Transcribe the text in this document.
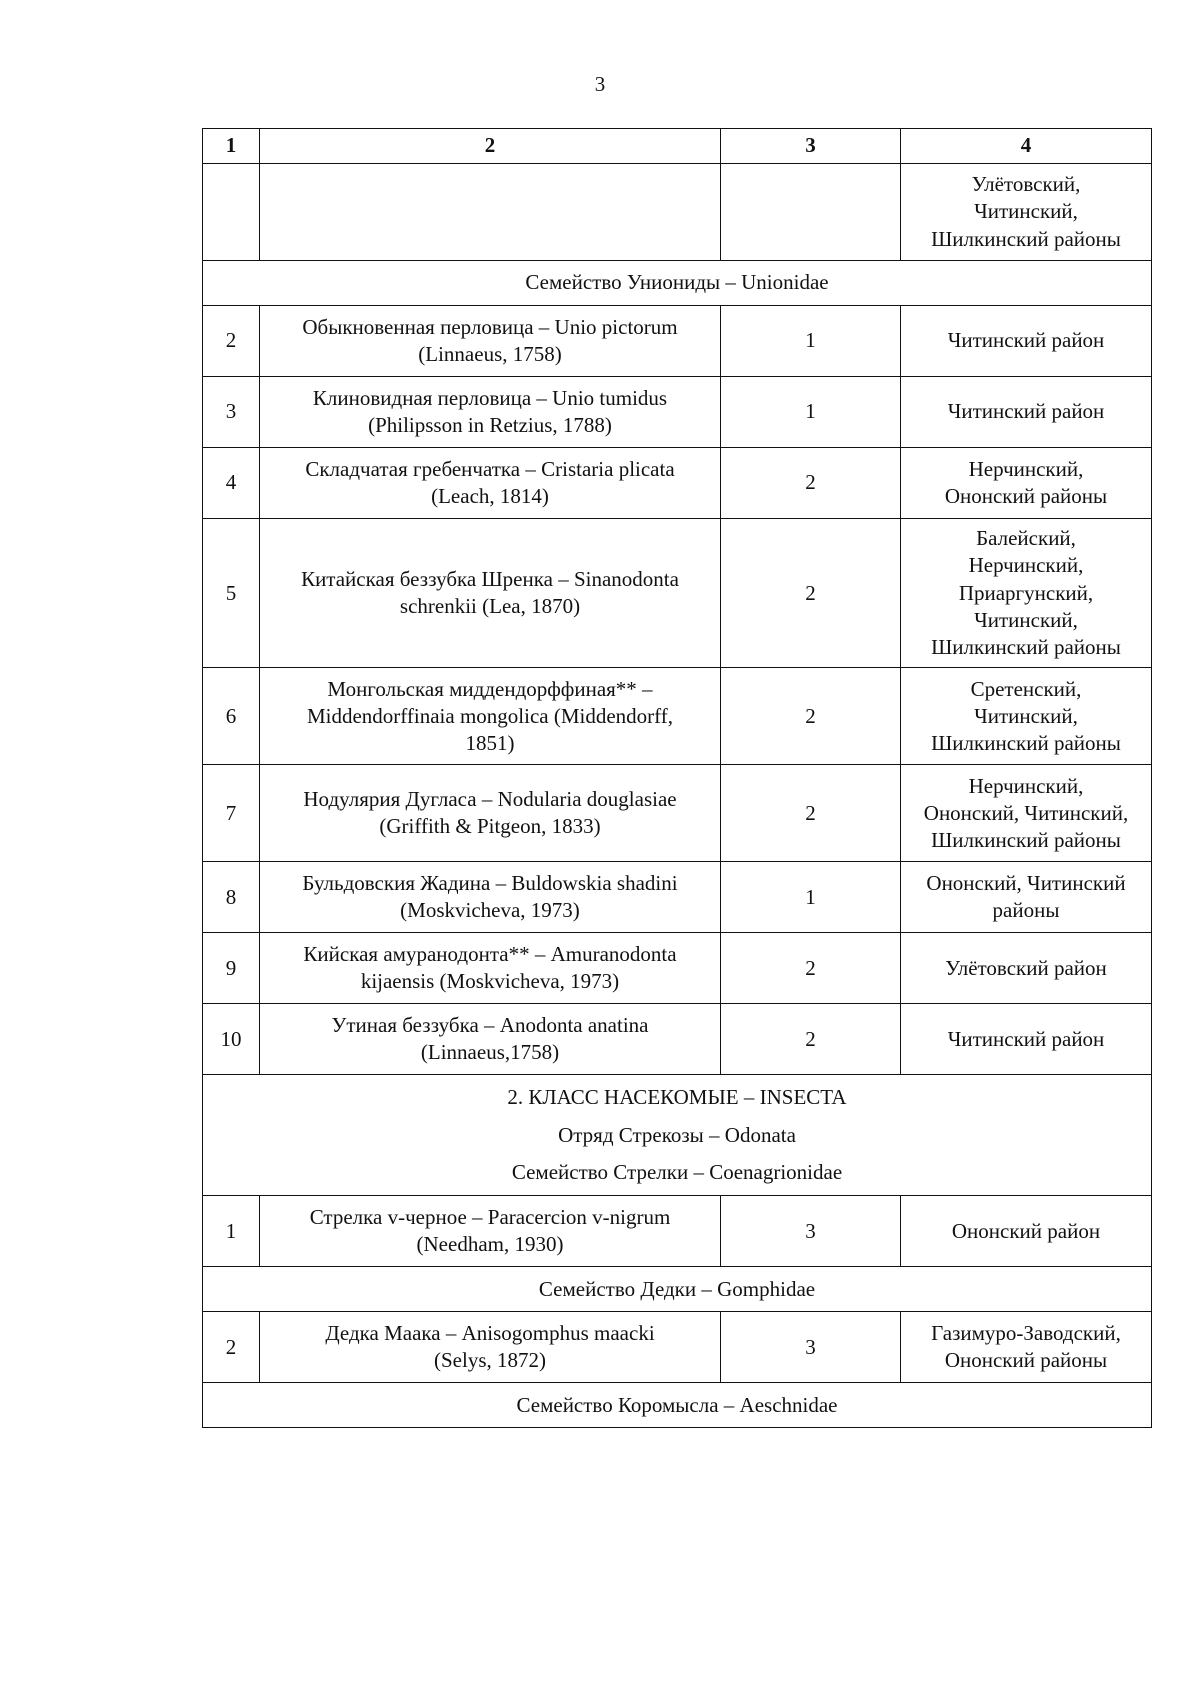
3
1	2	3	4

			Улётовский,
Читинский,
Шилкинский районы

Семейство Униониды – Unionidae			
2	Обыкновенная перловица – Unio pictorum
(Linnaeus, 1758)	1	Читинский район

3	Клиновидная перловица – Unio tumidus
(Philipsson in Retzius, 1788)	1	Читинский район

4	Складчатая гребенчатка – Cristaria plicata
(Leach, 1814)	2	Нерчинский,
Ононский районы

5	Китайская беззубка Шренка – Sinanodonta
schrenkii (Lea, 1870)	2	Балейский,
Нерчинский,
Приаргунский,
Читинский,
Шилкинский районы

6	Монгольская миддендорффиная** –
Middendorffinaia mongolica (Middendorff,
1851)	2	Сретенский,
Читинский,
Шилкинский районы

7	Нодулярия Дугласа – Nodularia douglasiae
(Griffith & Pitgeon, 1833)	2	Нерчинский,
Ононский, Читинский,
Шилкинский районы

8	Бульдовския Жадина – Buldowskia shadini
(Moskvicheva, 1973)	1	Ононский, Читинский
районы

9	Кийская амуранодонта** – Amuranodonta
kijaensis (Moskvicheva, 1973)	2	Улётовский район

10	Утиная беззубка – Anodonta anatina
(Linnaeus,1758)	2	Читинский район

2. КЛАСС НАСЕКОМЫЕ – INSECTA
Отряд Стрекозы – Odonata
Семейство Стрелки – Coenagrionidae			

1	Стрелка v-черное – Paracercion v-nigrum
(Needham, 1930)	3	Ононский район

Семейство Дедки – Gomphidae			
2	Дедка Маака – Anisogomphus maacki
(Selys, 1872)	3	Газимуро-Заводский,
Ононский районы

Семейство Коромысла – Aeschnidae			
